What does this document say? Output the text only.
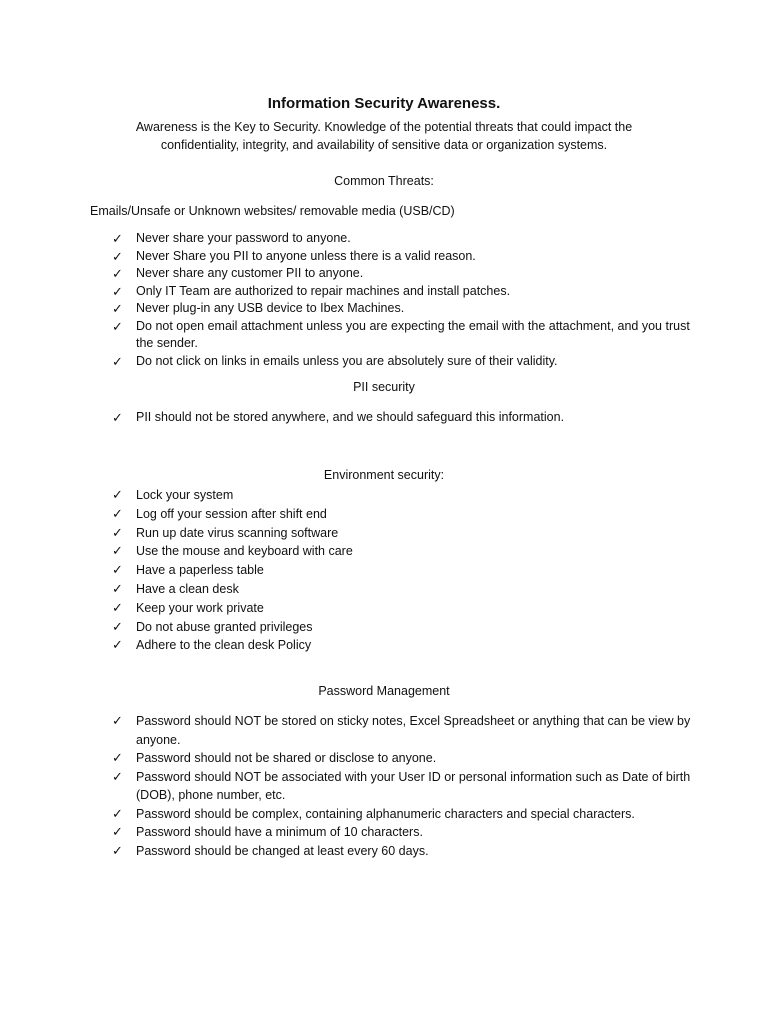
Information Security Awareness.
Awareness is the Key to Security. Knowledge of the potential threats that could impact the confidentiality, integrity, and availability of sensitive data or organization systems.
Common Threats:
Emails/Unsafe or Unknown websites/ removable media (USB/CD)
✓ Never share your password to anyone.
✓ Never Share you PII to anyone unless there is a valid reason.
✓ Never share any customer PII to anyone.
✓ Only IT Team are authorized to repair machines and install patches.
✓ Never plug-in any USB device to Ibex Machines.
✓ Do not open email attachment unless you are expecting the email with the attachment, and you trust the sender.
✓ Do not click on links in emails unless you are absolutely sure of their validity.
PII security
✓ PII should not be stored anywhere, and we should safeguard this information.
Environment security:
✓ Lock your system
✓ Log off your session after shift end
✓ Run up date virus scanning software
✓ Use the mouse and keyboard with care
✓ Have a paperless table
✓ Have a clean desk
✓ Keep your work private
✓ Do not abuse granted privileges
✓ Adhere to the clean desk Policy
Password Management
✓ Password should NOT be stored on sticky notes, Excel Spreadsheet or anything that can be view by anyone.
✓ Password should not be shared or disclose to anyone.
✓ Password should NOT be associated with your User ID or personal information such as Date of birth (DOB), phone number, etc.
✓ Password should be complex, containing alphanumeric characters and special characters.
✓ Password should have a minimum of 10 characters.
✓ Password should be changed at least every 60 days.
